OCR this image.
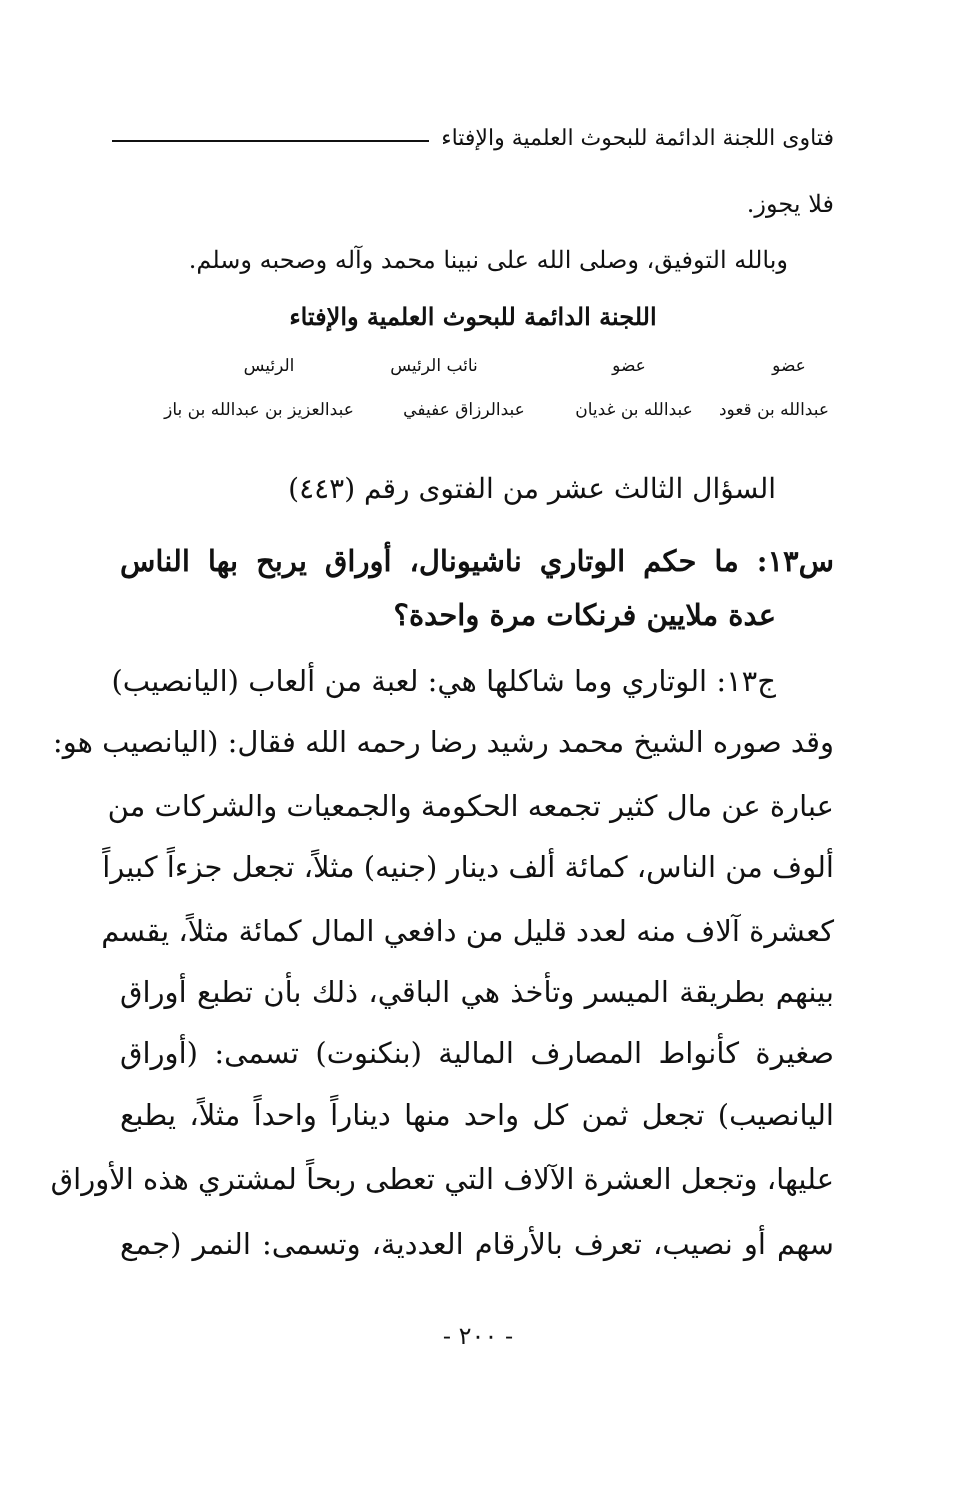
فتاوى اللجنة الدائمة للبحوث العلمية والإفتاء
فلا يجوز.
وبالله التوفيق، وصلى الله على نبينا محمد وآله وصحبه وسلم.
اللجنة الدائمة للبحوث العلمية والإفتاء
عضو
عضو
نائب الرئيس
الرئيس
عبدالله بن قعود
عبدالله بن غديان
عبدالرزاق عفيفي
عبدالعزيز بن عبدالله بن باز
السؤال الثالث عشر من الفتوى رقم (٤٤٣)
س١٣: ما حكم الوتاري ناشيونال، أوراق يربح بها الناس
عدة ملايين فرنكات مرة واحدة؟
ج١٣: الوتاري وما شاكلها هي: لعبة من ألعاب (اليانصيب)
وقد صوره الشيخ محمد رشيد رضا رحمه الله فقال: (اليانصيب هو:
عبارة عن مال كثير تجمعه الحكومة والجمعيات والشركات من
ألوف من الناس، كمائة ألف دينار (جنيه) مثلاً، تجعل جزءاً كبيراً
كعشرة آلاف منه لعدد قليل من دافعي المال كمائة مثلاً، يقسم
بينهم بطريقة الميسر وتأخذ هي الباقي، ذلك بأن تطبع أوراق
صغيرة كأنواط المصارف المالية (بنكنوت) تسمى: (أوراق
اليانصيب) تجعل ثمن كل واحد منها ديناراً واحداً مثلاً، يطبع
عليها، وتجعل العشرة الآلاف التي تعطى ربحاً لمشتري هذه الأوراق
سهم أو نصيب، تعرف بالأرقام العددية، وتسمى: النمر (جمع
- ٢٠٠ -
